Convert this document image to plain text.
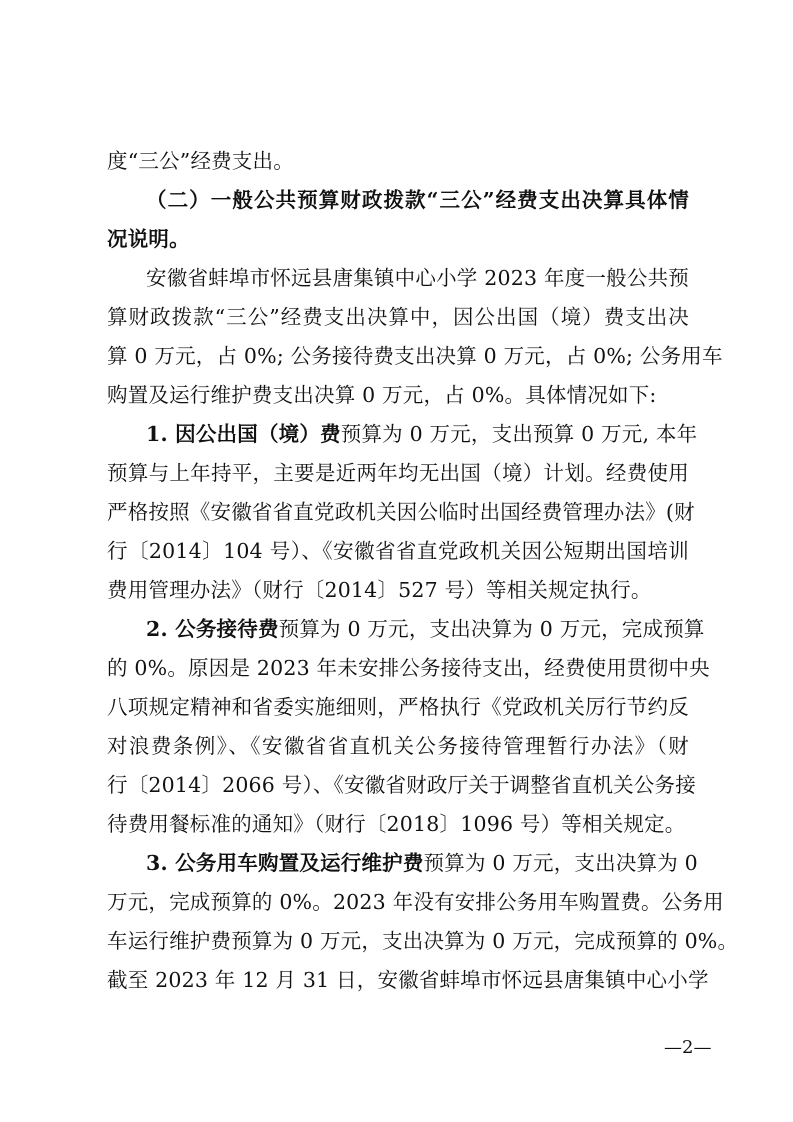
度“三公”经费支出。
（二）一般公共预算财政拨款“三公”经费支出决算具体情
况说明。
安徽省蚌埠市怀远县唐集镇中心小学 2023 年度一般公共预
算财政拨款“三公”经费支出决算中，因公出国（境）费支出决
算 0 万元，占 0%; 公务接待费支出决算 0 万元，占 0%; 公务用车
购置及运行维护费支出决算 0 万元，占 0%。具体情况如下:
1. 因公出国（境）费预算为 0 万元，支出预算 0 万元, 本年
预算与上年持平，主要是近两年均无出国（境）计划。经费使用
严格按照《安徽省省直党政机关因公临时出国经费管理办法》(财
行〔2014〕104 号）、《安徽省省直党政机关因公短期出国培训
费用管理办法》（财行〔2014〕527 号）等相关规定执行。
2. 公务接待费预算为 0 万元，支出决算为 0 万元，完成预算
的 0%。原因是 2023 年未安排公务接待支出，经费使用贯彻中央
八项规定精神和省委实施细则，严格执行《党政机关厉行节约反
对浪费条例》、《安徽省省直机关公务接待管理暂行办法》（财
行〔2014〕2066 号）、《安徽省财政厅关于调整省直机关公务接
待费用餐标准的通知》（财行〔2018〕1096 号）等相关规定。
3. 公务用车购置及运行维护费预算为 0 万元，支出决算为 0
万元，完成预算的 0%。2023 年没有安排公务用车购置费。公务用
车运行维护费预算为 0 万元，支出决算为 0 万元，完成预算的 0%。
截至 2023 年 12 月 31 日，安徽省蚌埠市怀远县唐集镇中心小学
—2—
